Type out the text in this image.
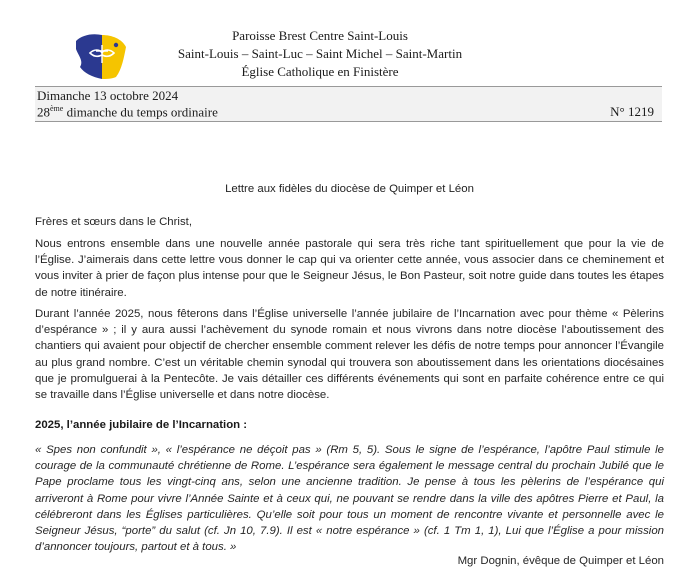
Paroisse Brest Centre Saint-Louis
Saint-Louis – Saint-Luc – Saint Michel – Saint-Martin
Église Catholique en Finistère
Dimanche 13 octobre 2024
28ème dimanche du temps ordinaire	N° 1219
Lettre aux fidèles du diocèse de Quimper et Léon
Frères et sœurs dans le Christ,
Nous entrons ensemble dans une nouvelle année pastorale qui sera très riche tant spirituellement que pour la vie de l’Église. J’aimerais dans cette lettre vous donner le cap qui va orienter cette année, vous associer dans ce cheminement et vous inviter à prier de façon plus intense pour que le Seigneur Jésus, le Bon Pasteur, soit notre guide dans toutes les étapes de notre itinéraire.
Durant l’année 2025, nous fêterons dans l’Église universelle l’année jubilaire de l’Incarnation avec pour thème « Pèlerins d’espérance » ; il y aura aussi l’achèvement du synode romain et nous vivrons dans notre diocèse l’aboutissement des chantiers qui avaient pour objectif de chercher ensemble comment relever les défis de notre temps pour annoncer l’Évangile au plus grand nombre. C’est un véritable chemin synodal qui trouvera son aboutissement dans les orientations diocésaines que je promulguerai à la Pentecôte. Je vais détailler ces différents événements qui sont en parfaite cohérence entre ce qui se travaille dans l’Église universelle et dans notre diocèse.
2025, l’année jubilaire de l’Incarnation :
« Spes non confundit », « l’espérance ne déçoit pas » (Rm 5, 5). Sous le signe de l’espérance, l’apôtre Paul stimule le courage de la communauté chrétienne de Rome. L’espérance sera également le message central du prochain Jubilé que le Pape proclame tous les vingt-cinq ans, selon une ancienne tradition. Je pense à tous les pèlerins de l’espérance qui arriveront à Rome pour vivre l’Année Sainte et à ceux qui, ne pouvant se rendre dans la ville des apôtres Pierre et Paul, la célébreront dans les Églises particulières. Qu’elle soit pour tous un moment de rencontre vivante et personnelle avec le Seigneur Jésus, “porte” du salut (cf. Jn 10, 7.9). Il est « notre espérance » (cf. 1 Tm 1, 1), Lui que l’Église a pour mission d’annoncer toujours, partout et à tous. »
Mgr Dognin, évêque de Quimper et Léon
